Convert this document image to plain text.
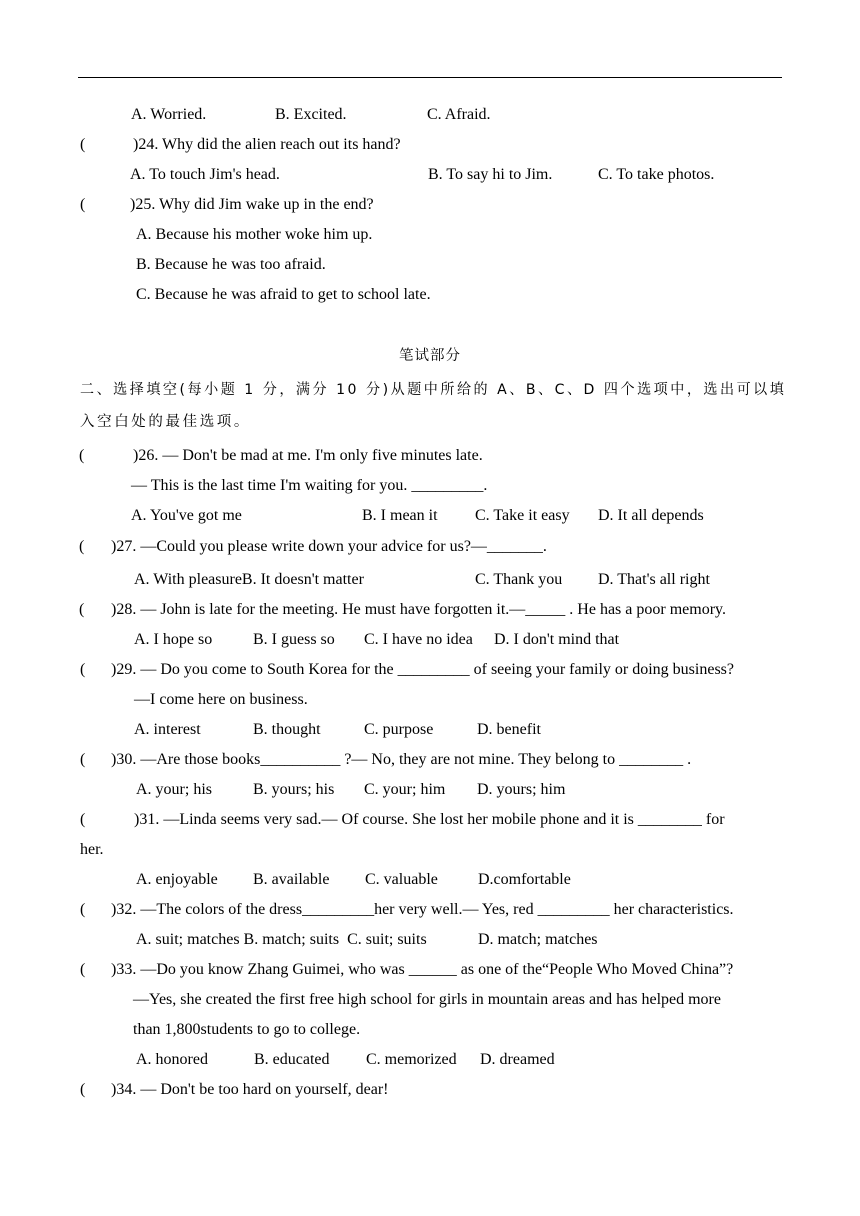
A. Worried.	B. Excited.	C. Afraid.
(	)24. Why did the alien reach out its hand?
A. To touch Jim's head.	B. To say hi to Jim.	C. To take photos.
(	)25. Why did Jim wake up in the end?
A. Because his mother woke him up.
B. Because he was too afraid.
C. Because he was afraid to get to school late.
笔试部分
二、选择填空(每小题 1 分，满分 10 分)从题中所给的 A、B、C、D 四个选项中，选出可以填
入空白处的最佳选项。
(	)26. — Don't be mad at me. I'm only five minutes late.
— This is the last time I'm waiting for you. _________.
A. You've got me	B. I mean it C. Take it easy D. It all depends
( )27. —Could you please write down your advice for us?—_______.
A. With pleasureB. It doesn't matter	C. Thank you D. That's all right
( )28. — John is late for the meeting. He must have forgotten it.—_____ . He has a poor memory.
A. I hope so	B. I guess so C. I have no idea D. I don't mind that
( )29. — Do you come to South Korea for the _________ of seeing your family or doing business?
—I come here on business.
A. interest	B. thought	C. purpose	D. benefit
( )30. —Are those books__________ ?— No, they are not mine. They belong to ________ .
A. your; his	B. yours; his C. your; him D. yours; him
(	)31. —Linda seems very sad.— Of course. She lost her mobile phone and it is ________ for
her.
A. enjoyable B. available C. valuable	D.comfortable
( )32. —The colors of the dress_________her very well.— Yes, red _________ her characteristics.
A. suit; matches B. match; suits  C. suit; suits	D. match; matches
( )33. —Do you know Zhang Guimei, who was ______ as one of the“People Who Moved China”?
—Yes, she created the first free high school for girls in mountain areas and has helped more
than 1,800students to go to college.
A. honored	B. educated C. memorized D. dreamed
( )34. — Don't be too hard on yourself, dear!
